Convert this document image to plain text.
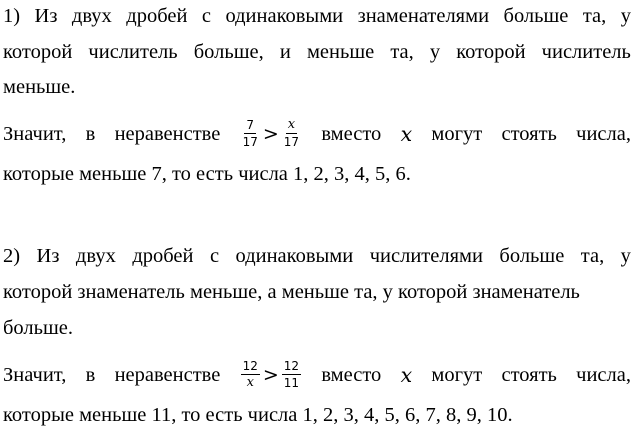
1) Из двух дробей с одинаковыми знаменателями больше та, у
которой числитель больше, и меньше та, у которой числитель
меньше.
Значит, в неравенстве $\frac{7}{17} > \frac{x}{17}$ вместо x могут стоять числа,
которые меньше 7, то есть числа 1, 2, 3, 4, 5, 6.
2) Из двух дробей с одинаковыми числителями больше та, у
которой знаменатель меньше, а меньше та, у которой знаменатель
больше.
Значит, в неравенстве $\frac{12}{x} > \frac{12}{11}$ вместо x могут стоять числа,
которые меньше 11, то есть числа 1, 2, 3, 4, 5, 6, 7, 8, 9, 10.
